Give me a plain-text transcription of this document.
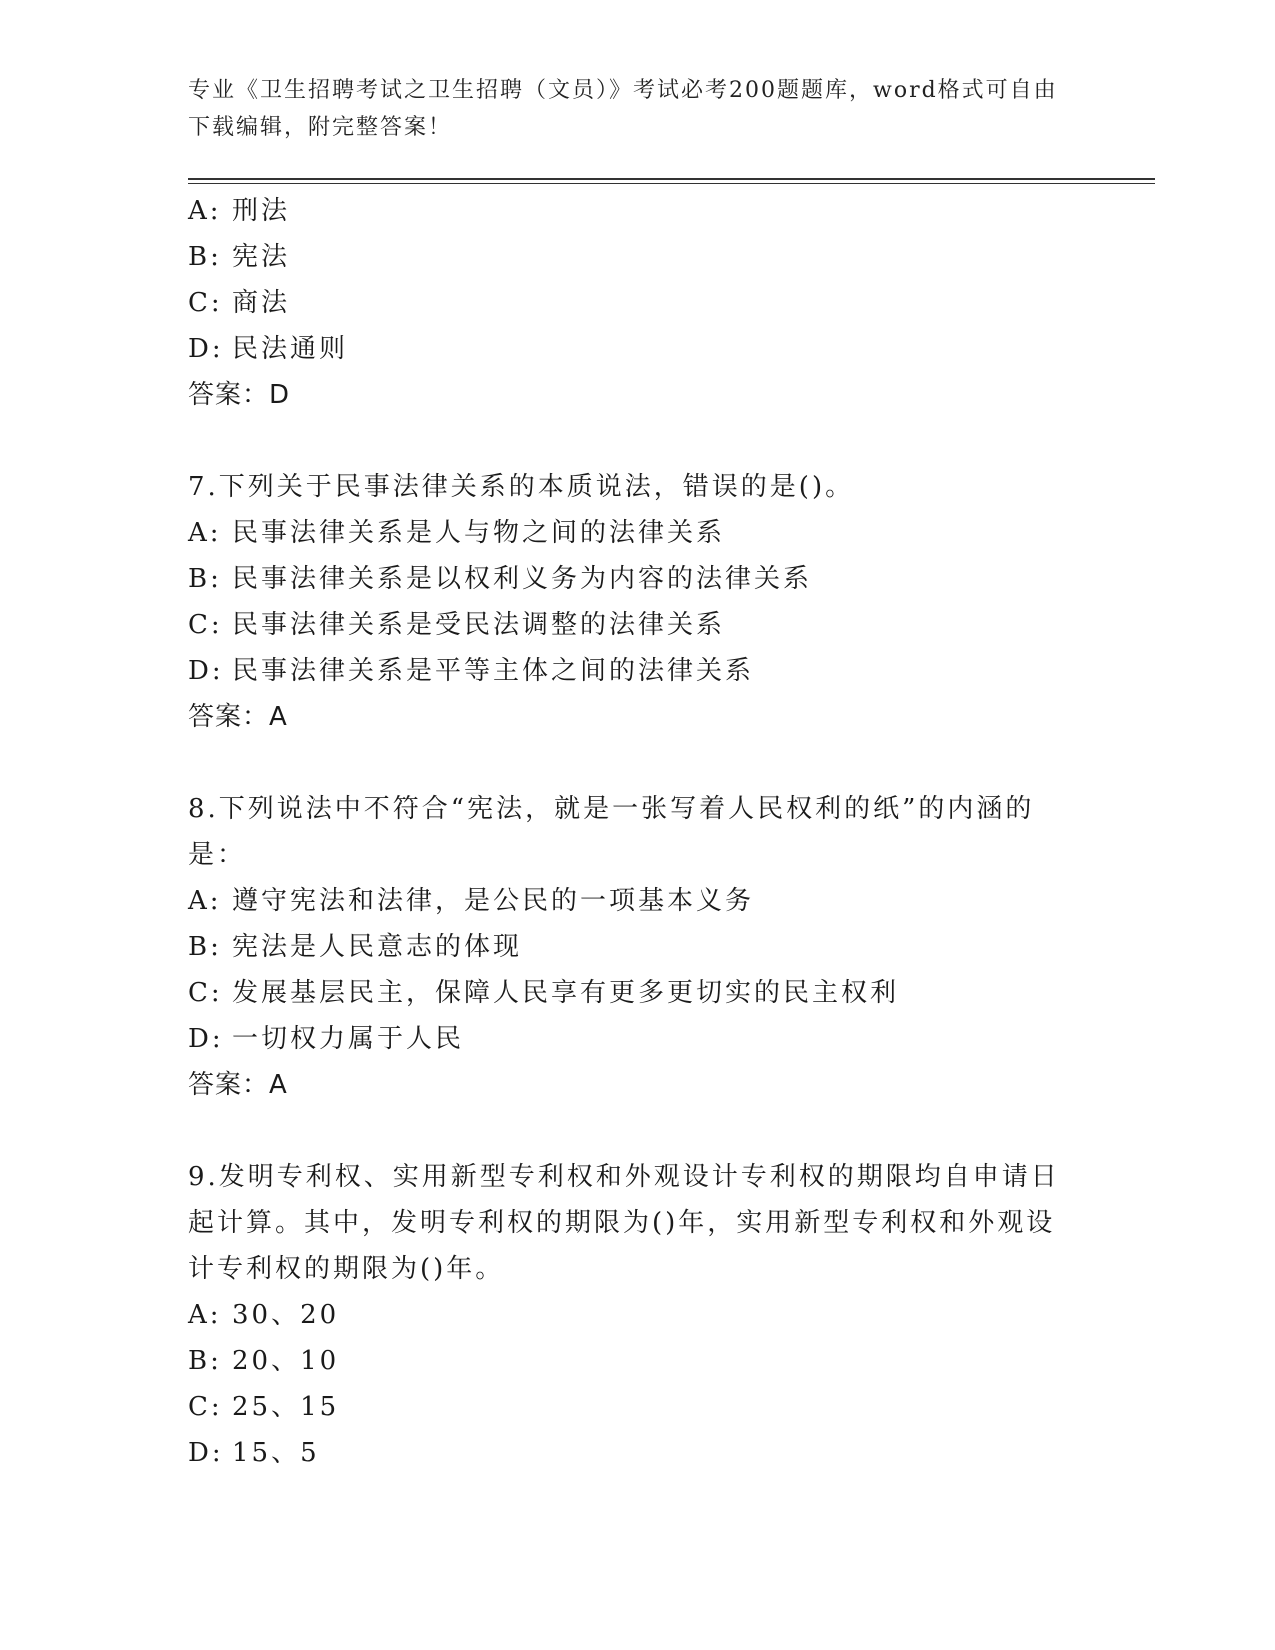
专业《卫生招聘考试之卫生招聘（文员）》考试必考200题题库，word格式可自由下载编辑，附完整答案！
A: 刑法
B: 宪法
C: 商法
D: 民法通则
答案：D
7.下列关于民事法律关系的本质说法，错误的是()。
A: 民事法律关系是人与物之间的法律关系
B: 民事法律关系是以权利义务为内容的法律关系
C: 民事法律关系是受民法调整的法律关系
D: 民事法律关系是平等主体之间的法律关系
答案：A
8.下列说法中不符合“宪法，就是一张写着人民权利的纸”的内涵的是：
A: 遵守宪法和法律，是公民的一项基本义务
B: 宪法是人民意志的体现
C: 发展基层民主，保障人民享有更多更切实的民主权利
D: 一切权力属于人民
答案：A
9.发明专利权、实用新型专利权和外观设计专利权的期限均自申请日起计算。其中，发明专利权的期限为()年，实用新型专利权和外观设计专利权的期限为()年。
A: 30、20
B: 20、10
C: 25、15
D: 15、5
